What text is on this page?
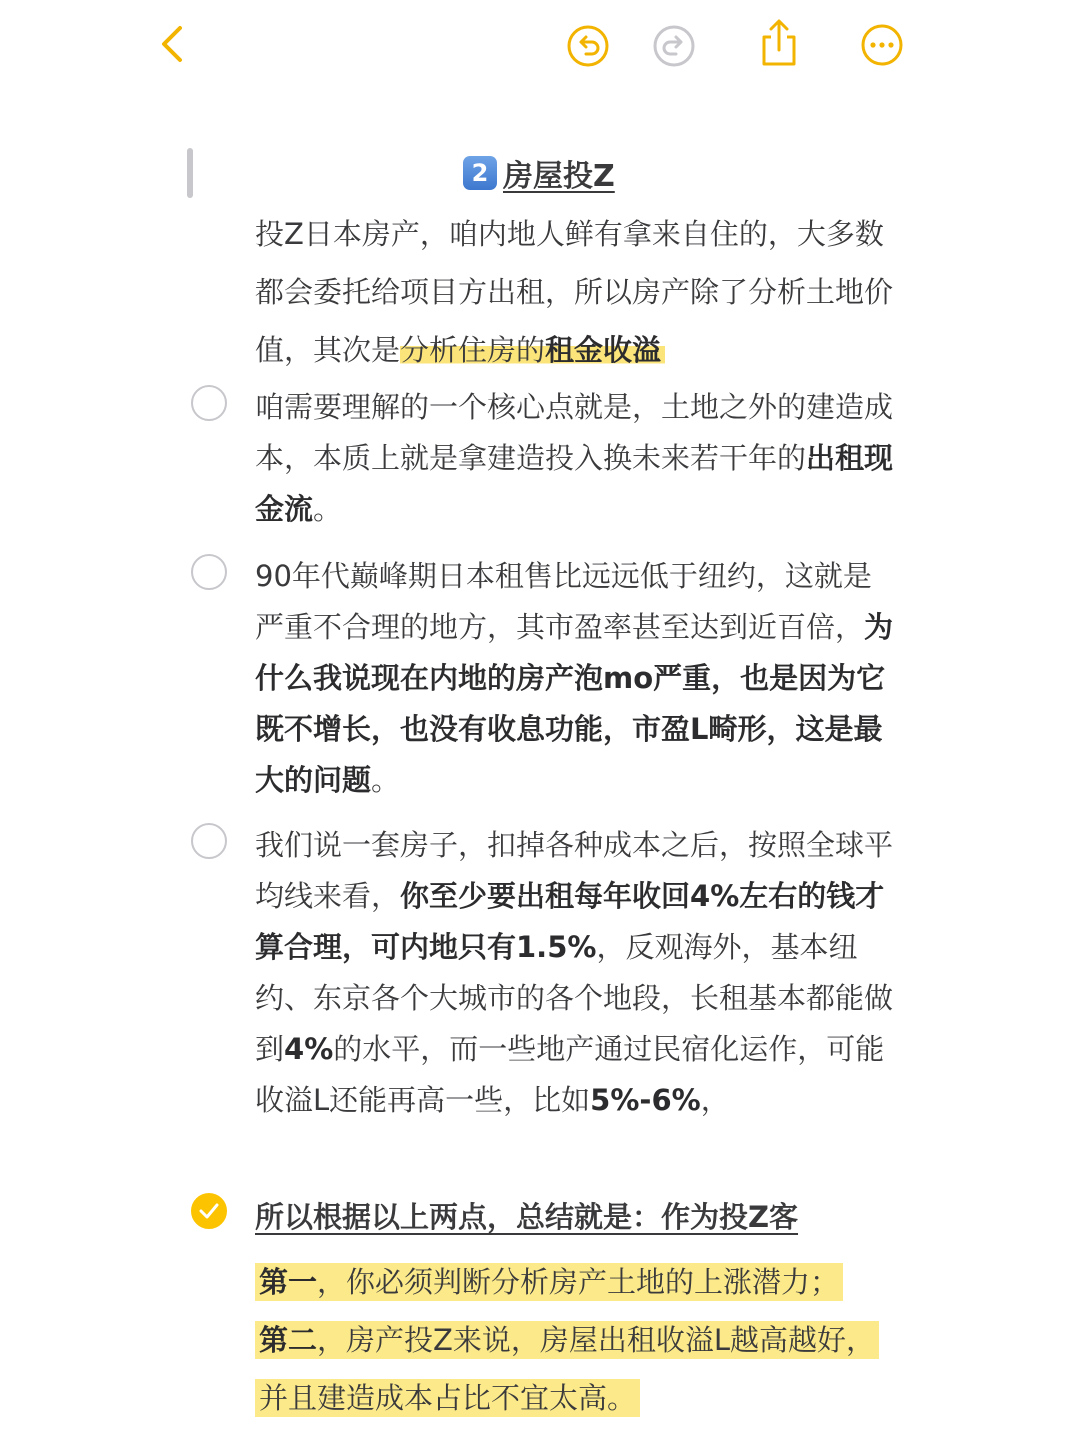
2 房屋投Z
投Z日本房产，咱内地人鲜有拿来自住的，大多数都会委托给项目方出租，所以房产除了分析土地价值，其次是分析住房的租金收溢
咱需要理解的一个核心点就是，土地之外的建造成本，本质上就是拿建造投入换未来若干年的出租现金流。
90年代巅峰期日本租售比远远低于纽约，这就是严重不合理的地方，其市盈率甚至达到近百倍，为什么我说现在内地的房产泡mo严重，也是因为它既不增长，也没有收息功能，市盈L畸形，这是最大的问题。
我们说一套房子，扣掉各种成本之后，按照全球平均线来看，你至少要出租每年收回4%左右的钱才算合理，可内地只有1.5%，反观海外，基本纽约、东京各个大城市的各个地段，长租基本都能做到4%的水平，而一些地产通过民宿化运作，可能收溢L还能再高一些，比如5%-6%，
所以根据以上两点，总结就是：作为投Z客
第一，你必须判断分析房产土地的上涨潜力；
第二，房产投Z来说，房屋出租收溢L越高越好，并且建造成本占比不宜太高。
